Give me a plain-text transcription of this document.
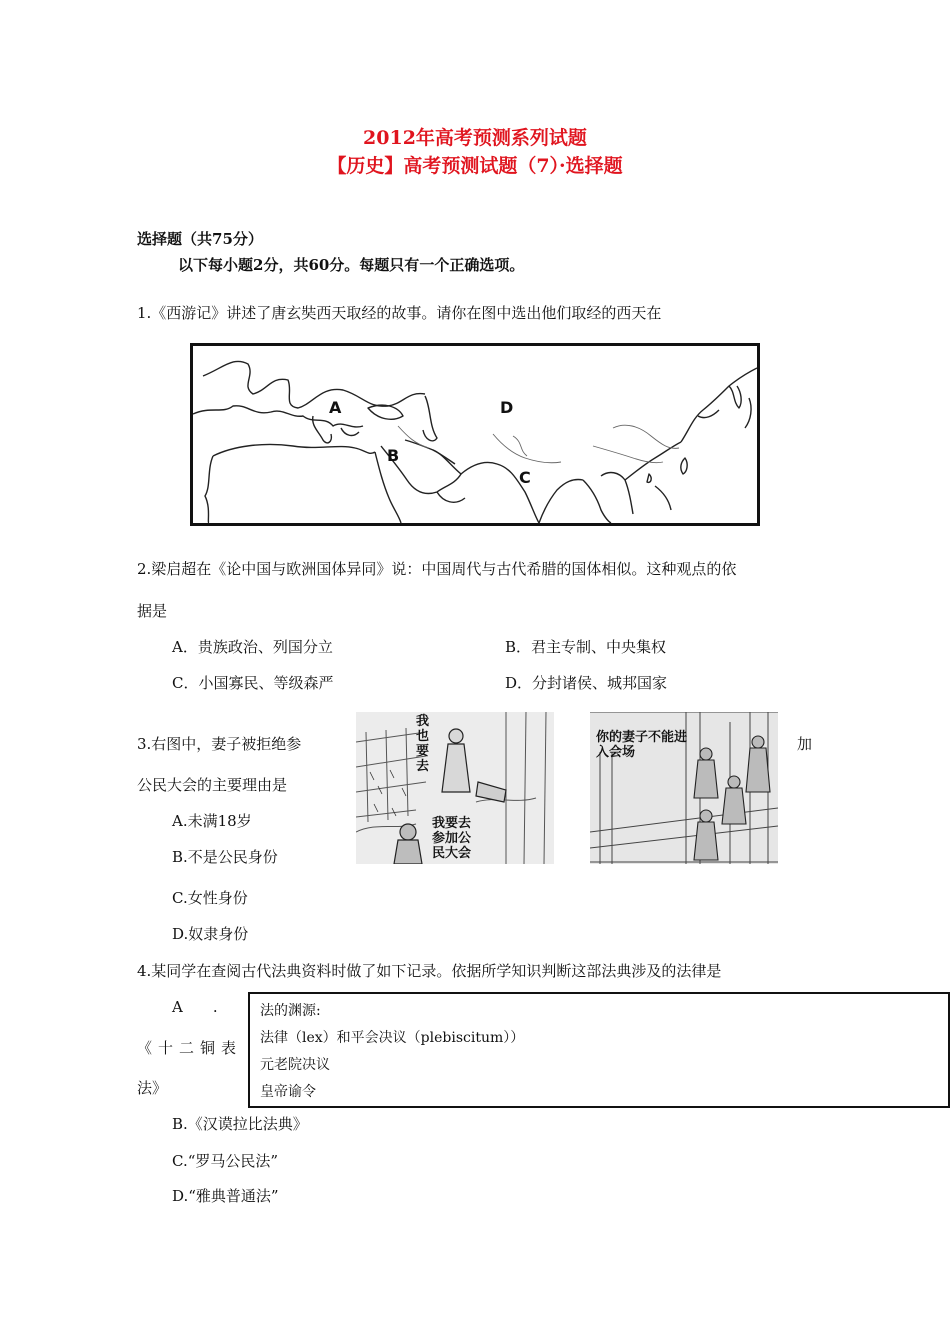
2012年高考预测系列试题
【历史】高考预测试题（7）·选择题
选择题（共75分）
以下每小题2分，共60分。每题只有一个正确选项。
1.《西游记》讲述了唐玄奘西天取经的故事。请你在图中选出他们取经的西天在
A	D
B
C
2.梁启超在《论中国与欧洲国体异同》说：中国周代与古代希腊的国体相似。这种观点的依
据是
A．贵族政治、列国分立	B．君主专制、中央集权
C．小国寡民、等级森严	D．分封诸侯、城邦国家
3.右图中，妻子被拒绝参	加
公民大会的主要理由是
A.未满18岁
B.不是公民身份
C.女性身份
D.奴隶身份
我也要去
我要去参加公民大会
你的妻子不能进入会场
4.某同学在查阅古代法典资料时做了如下记录。依据所学知识判断这部法典涉及的法律是
A　　.
《十二铜表
法》
法的渊源:
法律（lex）和平会决议（plebiscitum））
元老院决议
皇帝谕令
B.《汉谟拉比法典》
C.“罗马公民法”
D.“雅典普通法”
